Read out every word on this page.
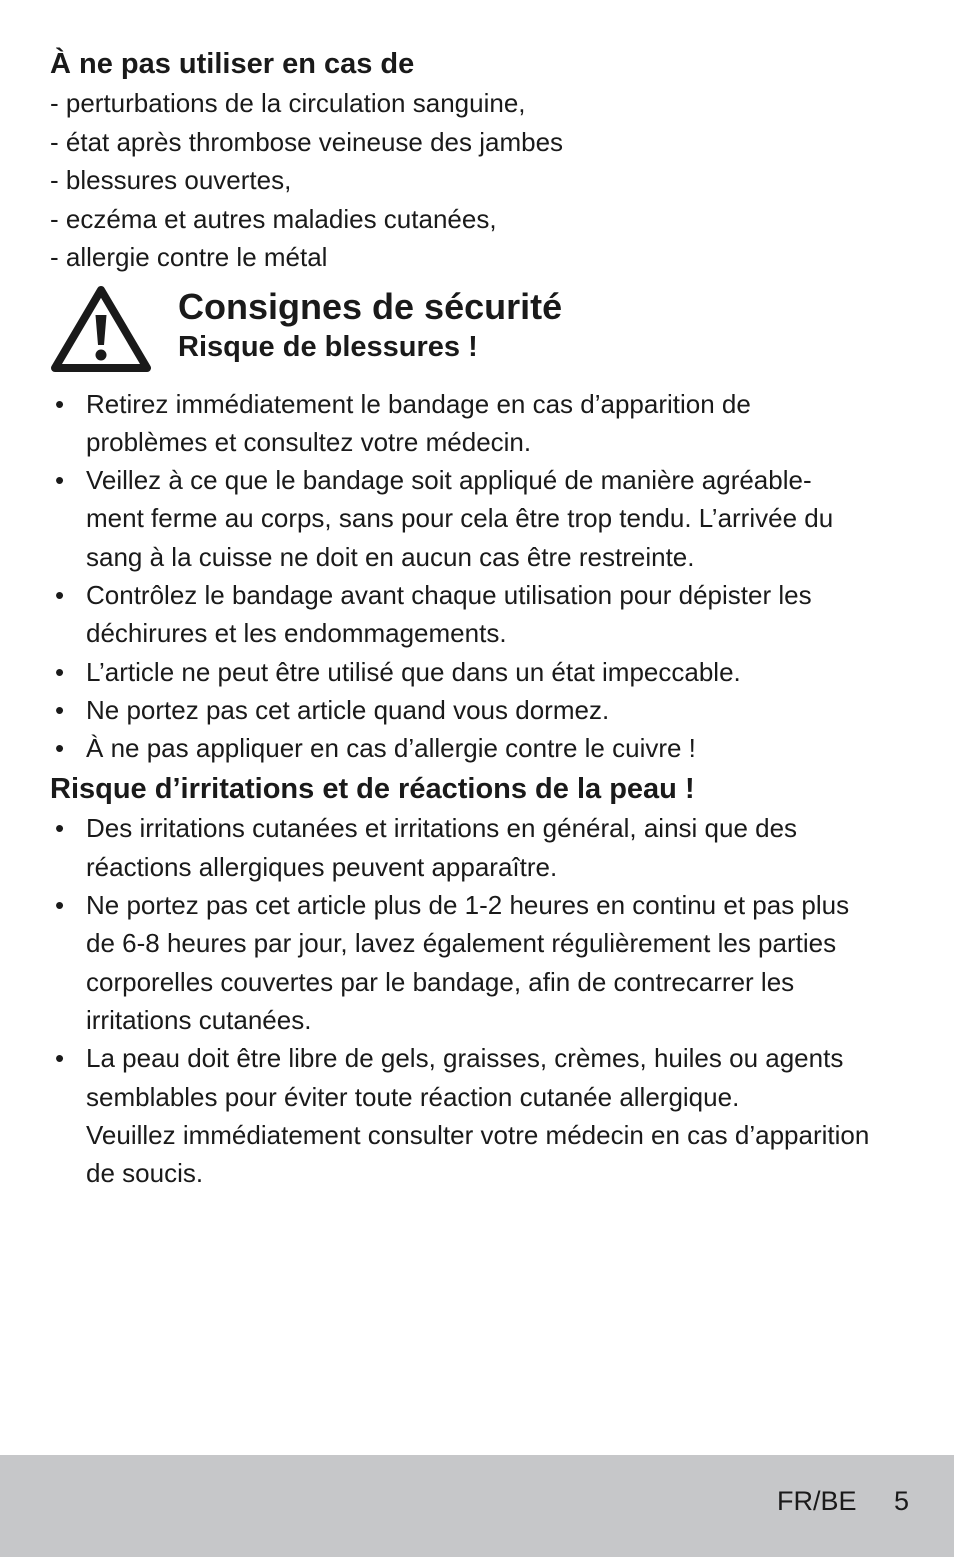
À ne pas utiliser en cas de
- perturbations de la circulation sanguine,
- état après thrombose veineuse des jambes
- blessures ouvertes,
- eczéma et autres maladies cutanées,
- allergie contre le métal
Consignes de sécurité
Risque de blessures !
• Retirez immédiatement le bandage en cas d’apparition de
problèmes et consultez votre médecin.
• Veillez à ce que le bandage soit appliqué de manière agréable-
ment ferme au corps, sans pour cela être trop tendu. L’arrivée du
sang à la cuisse ne doit en aucun cas être restreinte.
• Contrôlez le bandage avant chaque utilisation pour dépister les
déchirures et les endommagements.
• L’article ne peut être utilisé que dans un état impeccable.
• Ne portez pas cet article quand vous dormez.
• À ne pas appliquer en cas d’allergie contre le cuivre !
Risque d’irritations et de réactions de la peau !
• Des irritations cutanées et irritations en général, ainsi que des
réactions allergiques peuvent apparaître.
• Ne portez pas cet article plus de 1-2 heures en continu et pas plus
de 6-8 heures par jour, lavez également régulièrement les parties
corporelles couvertes par le bandage, afin de contrecarrer les
irritations cutanées.
• La peau doit être libre de gels, graisses, crèmes, huiles ou agents
semblables pour éviter toute réaction cutanée allergique.
Veuillez immédiatement consulter votre médecin en cas d’apparition
de soucis.
FR/BE 5
